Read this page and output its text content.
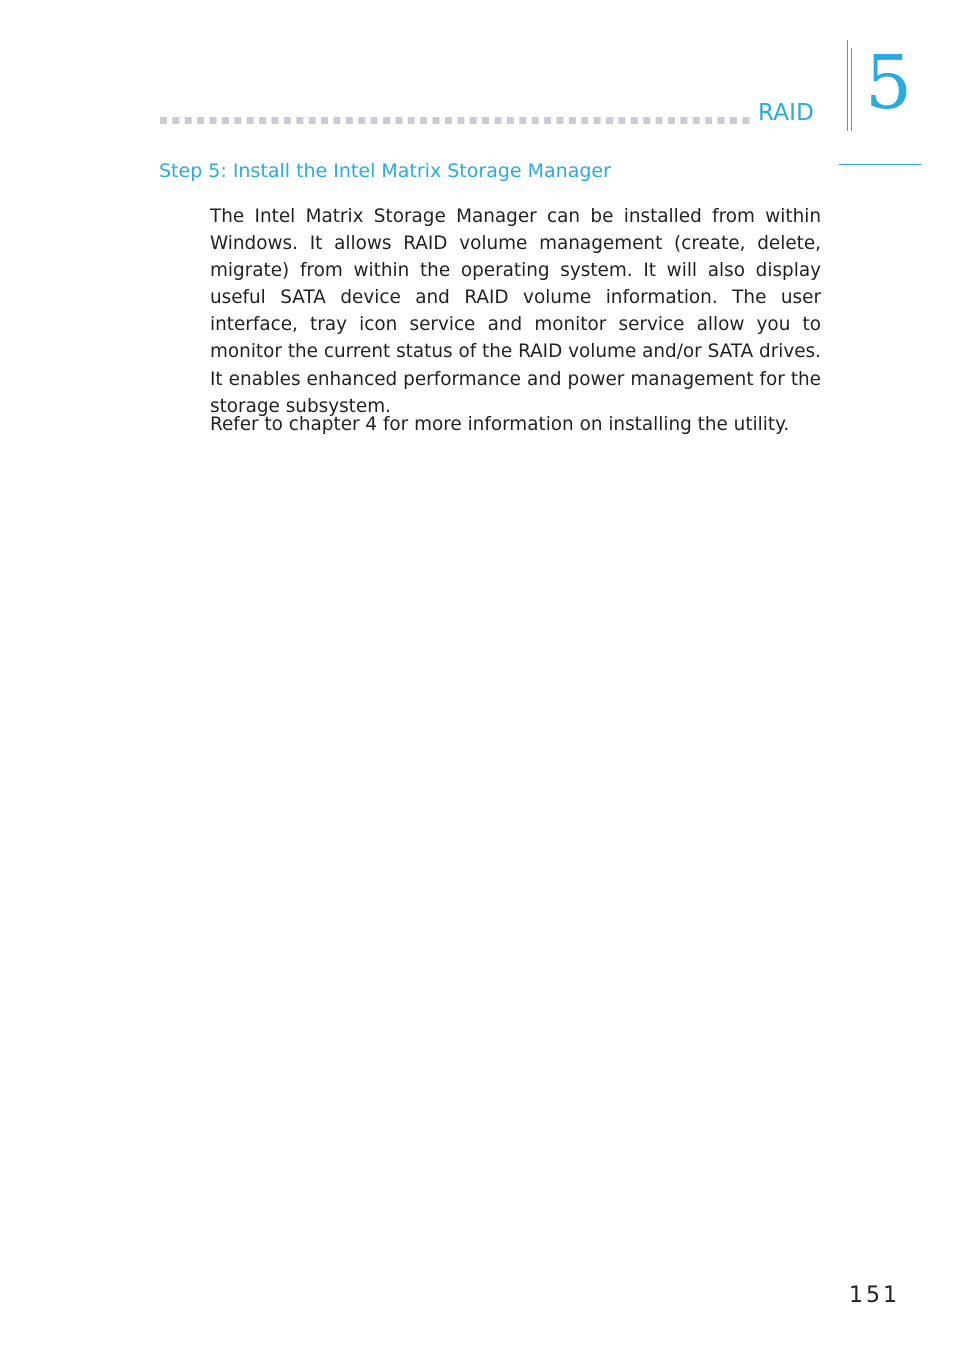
RAID 5
Step 5: Install the Intel Matrix Storage Manager

The Intel Matrix Storage Manager can be installed from within Windows. It allows RAID volume management (create, delete, migrate) from within the operating system. It will also display useful SATA device and RAID volume information. The user interface, tray icon service and monitor service allow you to monitor the current status of the RAID volume and/or SATA drives. It enables enhanced performance and power management for the storage subsystem.

Refer to chapter 4 for more information on installing the utility.

151
